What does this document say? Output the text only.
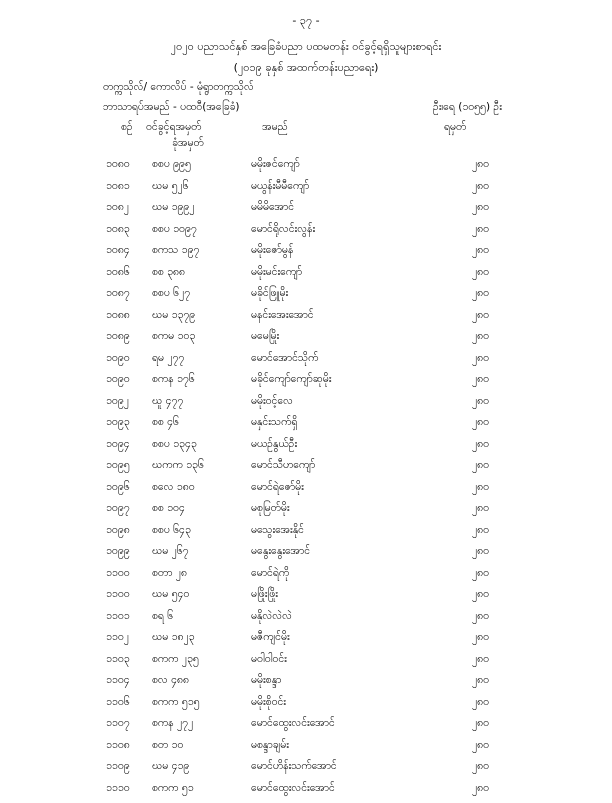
- ၃၇ -
၂၀၂၀ ပညာသင်နှစ် အခြေခံပညာ ပထမတန်း ဝင်ခွင့်ရရှိသူများစာရင်း
(၂၀၁၉ ခုနှစ် အထက်တန်းပညာရေး)
တက္ကသိုလ်/ ကောလိပ် - မုံရွာတက္ကသိုလ်
ဘာသာရပ်အမည် - ပထဝီ(အခြေခံ)	ဦး၊ရေ (၁၀၅၅) ဦး
စဉ် ဝင်ခွင့်ရအမှတ်	အမည်	ရမှတ်
ခုံအမှတ်
၁၀၈၀ စစပ ၉၉၅	မမိုးဇင်ကျော်	၂၈၀
၁၀၈၁ ဃမ ၅၂၆	မယွန်းမီမီကျော်	၂၈၀
၁၀၈၂ ဃမ ၁၉၉၂	မမိမိအောင်	၂၈၀
၁၀၈၃ စစပ ၁၀၉၇	မောင်ရိုလင်းလွန်း	၂၈၀
၁၀၈၄ စကသ ၁၉၇	မမိုးဇော်မွန်	၂၈၀
၁၀၈၆ စစ ၃၈၈	မမိုးမင်းကျော်	၂၈၀
၁၀၈၇ စစပ ၆၂၇	မခိုင်ဖြူမိုး	၂၈၀
၁၀၈၈ ဃမ ၁၃၇၉	မနင်းအေးအောင်	၂၈၀
၁၀၈၉ စကမ ၁၀၃	မမေမြိုး	၂၈၀
၁၀၉၀ ရမ ၂၇၇	မောင်အောင်သိုက်	၂၈၀
၁၀၉၀ စကန ၁၇၆	မခိုင်ကျော်ကျော်ဆုမိုး	၂၈၀
၁၀၉၂ ဃူ ၄၇၇	မမိုးဝင့်လေ	၂၈၀
၁၀၉၃ စစ ၄၆	မနှင်းသက်ရှိ	၂၈၀
၁၀၉၄ စစပ ၁၃၄၃	မယဉ်နွယ်ဦး	၂၈၀
၁၀၉၅ ဃကက ၁၃၆	မောင်သီဟကျော်	၂၈၀
၁၀၉၆ စလေ ၁၈၀	မောင်ရဲဇော်မိုး	၂၈၀
၁၀၉၇ စစ ၁၀၄	မစုမြတ်မိုး	၂၈၀
၁၀၉၈ စစပ ၆၄၃	မသွေးအေးနိုင်	၂၈၀
၁၀၉၉ ဃမ ၂၆၇	မနွေးနွေးအောင်	၂၈၀
၁၁၀၀ စတာ ၂၈	မောင်ရဲကို	၂၈၀
၁၁၀၀ ဃမ ၅၄၀	မဖြိုးဖြိုး	၂၈၀
၁၁၀၁ စရ ၆	မနိုလဲလဲလဲ	၂၈၀
၁၁၀၂ ဃမ ၁၈၂၃	မဇီကျင်မိုး	၂၈၀
၁၁၀၃ စကက ၂၃၅	မဝါဝါဝင်း	၂၈၀
၁၁၀၄ စလ ၄၈၈	မမိုးစန္ဒာ	၂၈၀
၁၁၀၆ စကက ၅၁၅	မမိုးစိုဝင်း	၂၈၀
၁၁၀၇ စကန ၂၇၂	မောင်ထွေးလင်းအောင်	၂၈၀
၁၁၀၈ စတ ၁၀	မစန္ဒာချမ်း	၂၈၀
၁၁၀၉ ဃမ ၄၁၉	မောင်ဟိန်းသက်အောင်	၂၈၀
၁၁၁၀ စကက ၅၁	မောင်ထွေးလင်းအောင်	၂၈၀
